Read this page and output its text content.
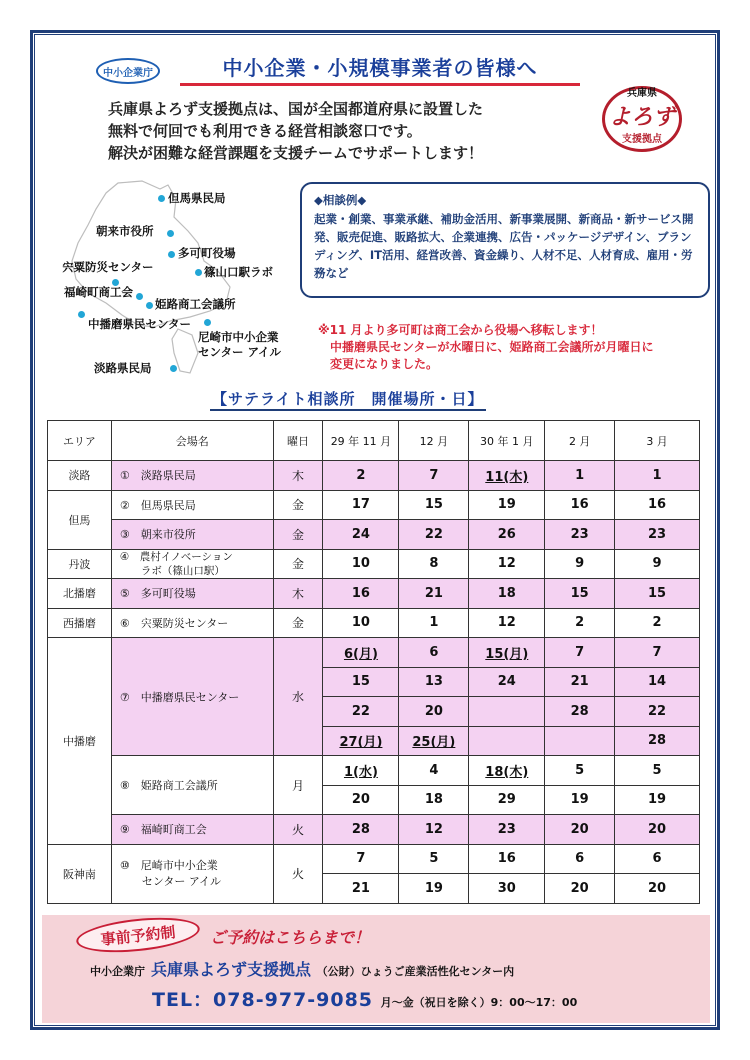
中小企業庁	中小企業・小規模事業者の皆様へ
兵庫県よろず支援拠点は、国が全国都道府県に設置した
無料で何回でも利用できる経営相談窓口です。
解決が困難な経営課題を支援チームでサポートします！
兵庫県
よろず
支援拠点
但馬県民局
朝来市役所
多可町役場
宍粟防災センター	篠山口駅ラボ
福崎町商工会
姫路商工会議所
中播磨県民センター
尼崎市中小企業
センター アイル
淡路県民局
◆相談例◆
起業・創業、事業承継、補助金活用、新事業展開、新商品・新サービス開発、販売促進、販路拡大、企業連携、広告・パッケージデザイン、ブランディング、IT活用、経営改善、資金繰り、人材不足、人材育成、雇用・労務など
※11 月より多可町は商工会から役場へ移転します！
中播磨県民センターが水曜日に、姫路商工会議所が月曜日に
変更になりました。
【サテライト相談所　開催場所・日】
エリア	会場名	曜日	29 年 11 月	12 月	30 年 1 月	2 月	3 月
淡路	①　 淡路県民局	木	2	7	11(木)	1	1
但馬	②　 但馬県民局	金	17	15	19	16	16
	③　 朝来市役所	金	24	22	26	23	23
丹波	④　 農村イノベーション
　　ラボ（篠山口駅）	金	10	8	12	9	9
北播磨	⑤　 多可町役場	木	16	21	18	15	15
西播磨	⑥　 宍粟防災センター	金	10	1	12	2	2
中播磨	⑦　 中播磨県民センター	水	6(月)	6	15(月)	7	7
			15	13	24	21	14
			22	20		28	22
			27(月)	25(月)			28
	⑧　 姫路商工会議所	月	1(水)	4	18(木)	5	5
			20	18	29	19	19
	⑨　 福崎町商工会	火	28	12	23	20	20
阪神南	⑩　 尼崎市中小企業
　　センター アイル	火	7	5	16	6	6
			21	19	30	20	20
事前予約制	ご予約はこちらまで！
中小企業庁 兵庫県よろず支援拠点 （公財）ひょうご産業活性化センター内
TEL：078-977-9085 月～金（祝日を除く）9：00～17：00
